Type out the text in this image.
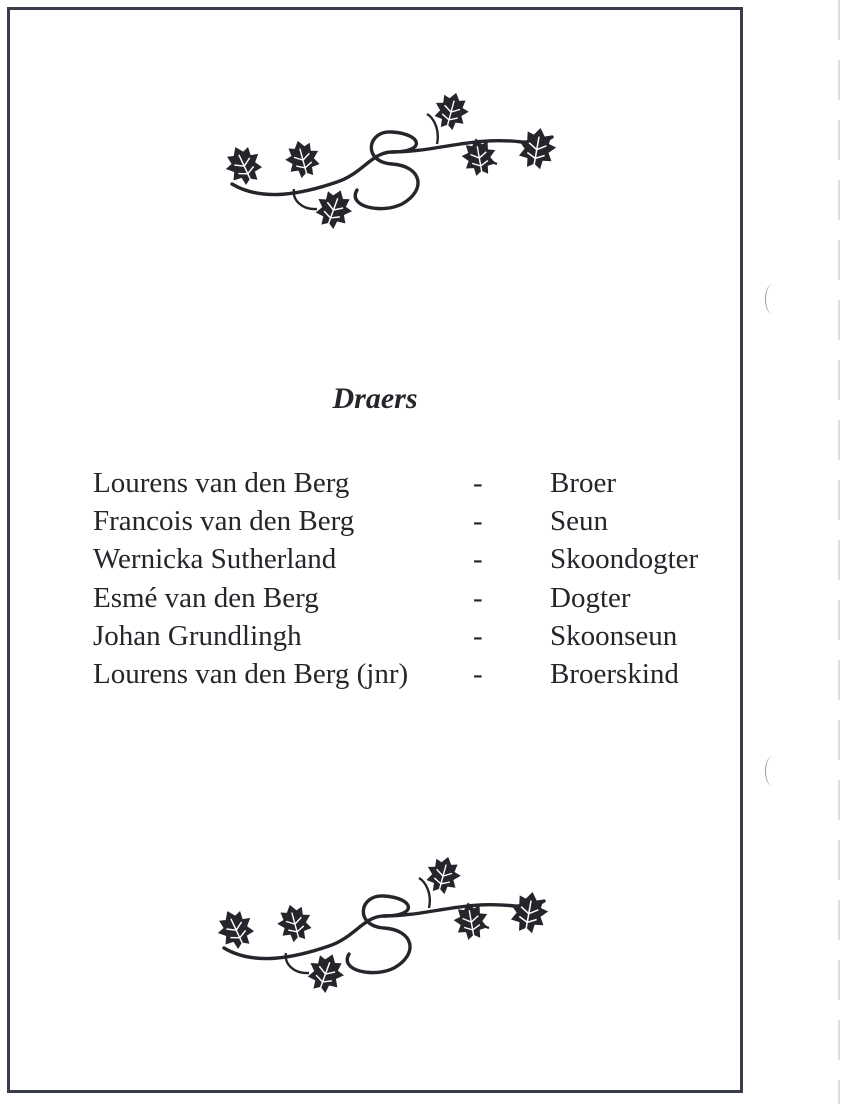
Draers
Lourens van den Berg	- Broer
Francois van den Berg	- Seun
Wernicka Sutherland	- Skoondogter
Esmé van den Berg	- Dogter
Johan Grundlingh	- Skoonseun
Lourens van den Berg (jnr) - Broerskind
